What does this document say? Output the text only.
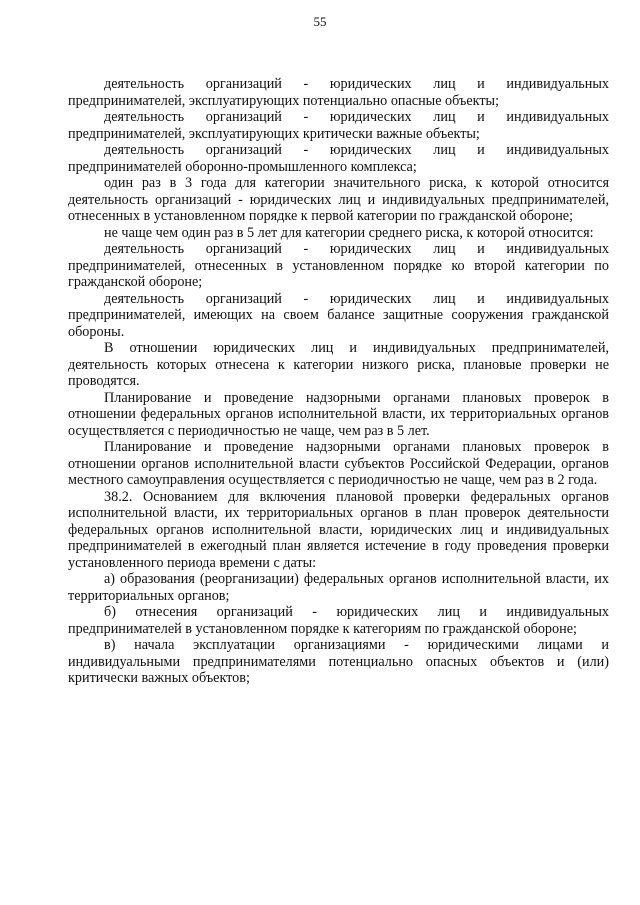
55

деятельность организаций - юридических лиц и индивидуальных предпринимателей, эксплуатирующих потенциально опасные объекты;

деятельность организаций - юридических лиц и индивидуальных предпринимателей, эксплуатирующих критически важные объекты;

деятельность организаций - юридических лиц и индивидуальных предпринимателей оборонно-промышленного комплекса;

один раз в 3 года для категории значительного риска, к которой относится деятельность организаций - юридических лиц и индивидуальных предпринимателей, отнесенных в установленном порядке к первой категории по гражданской обороне;

не чаще чем один раз в 5 лет для категории среднего риска, к которой относится:

деятельность организаций - юридических лиц и индивидуальных предпринимателей, отнесенных в установленном порядке ко второй категории по гражданской обороне;

деятельность организаций - юридических лиц и индивидуальных предпринимателей, имеющих на своем балансе защитные сооружения гражданской обороны.

В отношении юридических лиц и индивидуальных предпринимателей, деятельность которых отнесена к категории низкого риска, плановые проверки не проводятся.

Планирование и проведение надзорными органами плановых проверок в отношении федеральных органов исполнительной власти, их территориальных органов осуществляется с периодичностью не чаще, чем раз в 5 лет.

Планирование и проведение надзорными органами плановых проверок в отношении органов исполнительной власти субъектов Российской Федерации, органов местного самоуправления осуществляется с периодичностью не чаще, чем раз в 2 года.

38.2. Основанием для включения плановой проверки федеральных органов исполнительной власти, их территориальных органов в план проверок деятельности федеральных органов исполнительной власти, юридических лиц и индивидуальных предпринимателей в ежегодный план является истечение в году проведения проверки установленного периода времени с даты:

а) образования (реорганизации) федеральных органов исполнительной власти, их территориальных органов;

б) отнесения организаций - юридических лиц и индивидуальных предпринимателей в установленном порядке к категориям по гражданской обороне;

в) начала эксплуатации организациями - юридическими лицами и индивидуальными предпринимателями потенциально опасных объектов и (или) критически важных объектов;
